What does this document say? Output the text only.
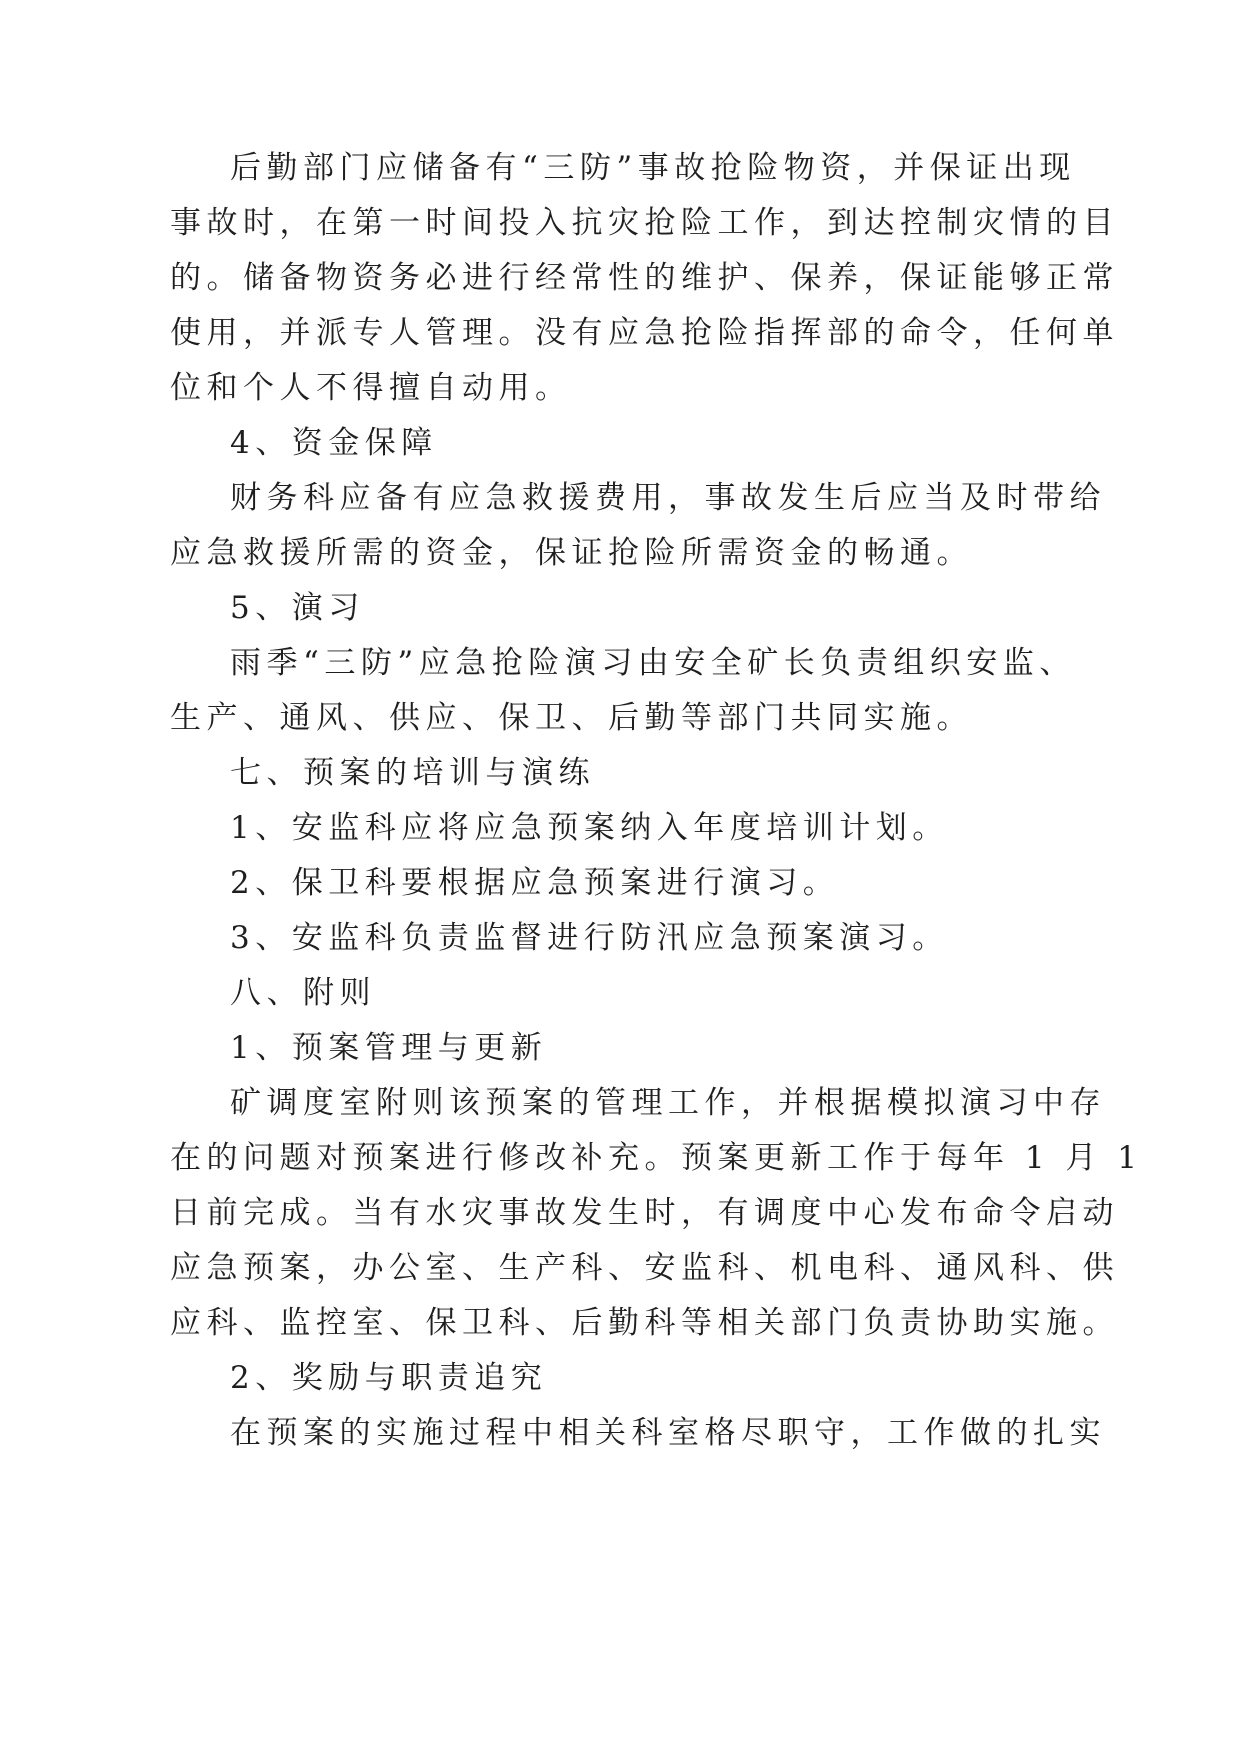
后勤部门应储备有“三防”事故抢险物资，并保证出现
事故时，在第一时间投入抗灾抢险工作，到达控制灾情的目
的。储备物资务必进行经常性的维护、保养，保证能够正常
使用，并派专人管理。没有应急抢险指挥部的命令，任何单
位和个人不得擅自动用。
4、资金保障
财务科应备有应急救援费用，事故发生后应当及时带给
应急救援所需的资金，保证抢险所需资金的畅通。
5、演习
雨季“三防”应急抢险演习由安全矿长负责组织安监、
生产、通风、供应、保卫、后勤等部门共同实施。
七、预案的培训与演练
1、安监科应将应急预案纳入年度培训计划。
2、保卫科要根据应急预案进行演习。
3、安监科负责监督进行防汛应急预案演习。
八、附则
1、预案管理与更新
矿调度室附则该预案的管理工作，并根据模拟演习中存
在的问题对预案进行修改补充。预案更新工作于每年 1 月 1
日前完成。当有水灾事故发生时，有调度中心发布命令启动
应急预案，办公室、生产科、安监科、机电科、通风科、供
应科、监控室、保卫科、后勤科等相关部门负责协助实施。
2、奖励与职责追究
在预案的实施过程中相关科室格尽职守，工作做的扎实
